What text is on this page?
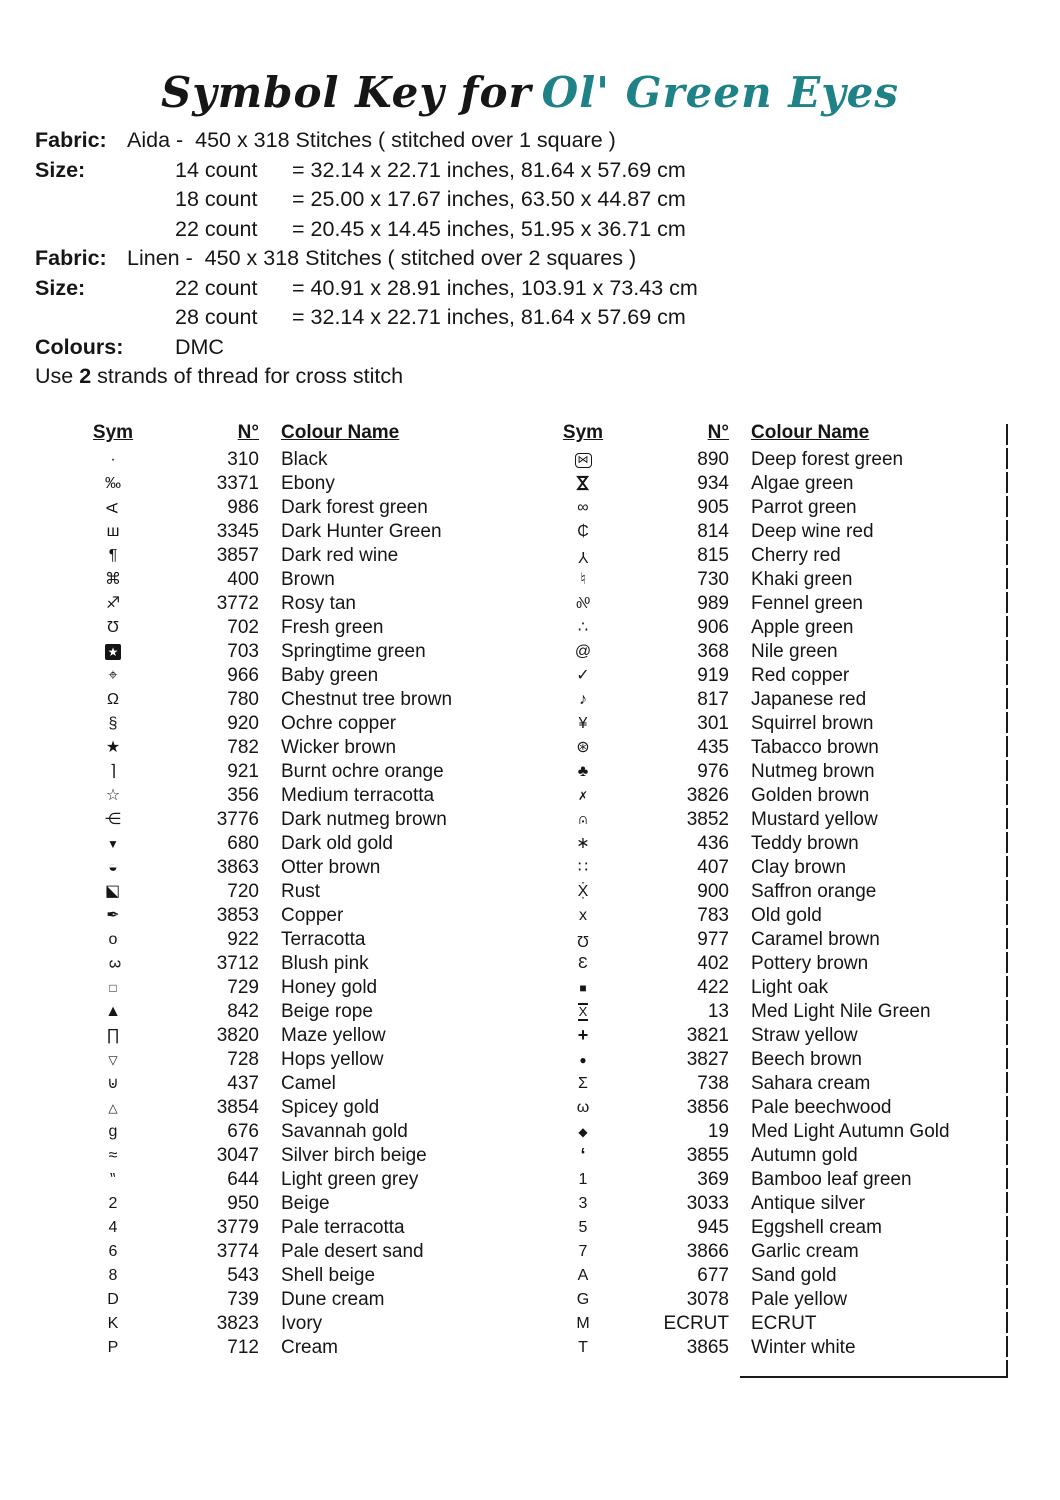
Symbol Key for Ol' Green Eyes
Fabric: Aida -  450 x 318 Stitches ( stitched over 1 square )
Size:	14 count	= 32.14 x 22.71 inches, 81.64 x 57.69 cm
18 count	= 25.00 x 17.67 inches, 63.50 x 44.87 cm
22 count	= 20.45 x 14.45 inches, 51.95 x 36.71 cm
Fabric: Linen -  450 x 318 Stitches ( stitched over 2 squares )
Size:	22 count	= 40.91 x 28.91 inches, 103.91 x 73.43 cm
28 count	= 32.14 x 22.71 inches, 81.64 x 57.69 cm
Colours:	DMC
Use 2 strands of thread for cross stitch
Sym	N°	Colour Name
·	310	Black
‰	3371	Ebony
A	986	Dark forest green
ш	3345	Dark Hunter Green
¶	3857	Dark red wine
⌘	400	Brown
♐	3772	Rosy tan
Ʊ	702	Fresh green
★	703	Springtime green
⌖	966	Baby green
Ω	780	Chestnut tree brown
§	920	Ochre copper
★	782	Wicker brown
⌉	921	Burnt ochre orange
☆	356	Medium terracotta
⋲	3776	Dark nutmeg brown
▼	680	Dark old gold
◒	3863	Otter brown
◪	720	Rust
✒	3853	Copper
o	922	Terracotta
3	3712	Blush pink
□	729	Honey gold
▲	842	Beige rope
∏	3820	Maze yellow
▽	728	Hops yellow
⊍	437	Camel
△	3854	Spicey gold
g	676	Savannah gold
≈	3047	Silver birch beige
″	644	Light green grey
2	950	Beige
4	3779	Pale terracotta
6	3774	Pale desert sand
8	543	Shell beige
D	739	Dune cream
K	3823	Ivory
P	712	Cream
Sym	N°	Colour Name
⋈	890	Deep forest green
⋈	934	Algae green
∞	905	Parrot green
₵	814	Deep wine red
Y	815	Cherry red
♮	730	Khaki green
%	989	Fennel green
∴	906	Apple green
@	368	Nile green
✓	919	Red copper
♪	817	Japanese red
¥	301	Squirrel brown
⊛	435	Tabacco brown
♣	976	Nutmeg brown
✗	3826	Golden brown
∩ •	3852	Mustard yellow
∗	436	Teddy brown
∷	407	Clay brown
Ẋ̣	900	Saffron orange
x	783	Old gold
Ω	977	Caramel brown
Ɛ	402	Pottery brown
■	422	Light oak
X	13	Med Light Nile Green
+	3821	Straw yellow
●	3827	Beech brown
Σ	738	Sahara cream
ω	3856	Pale beechwood
◆	19	Med Light Autumn Gold
‘	3855	Autumn gold
1	369	Bamboo leaf green
3	3033	Antique silver
5	945	Eggshell cream
7	3866	Garlic cream
A	677	Sand gold
G	3078	Pale yellow
M	ECRUT	ECRUT
T	3865	Winter white
